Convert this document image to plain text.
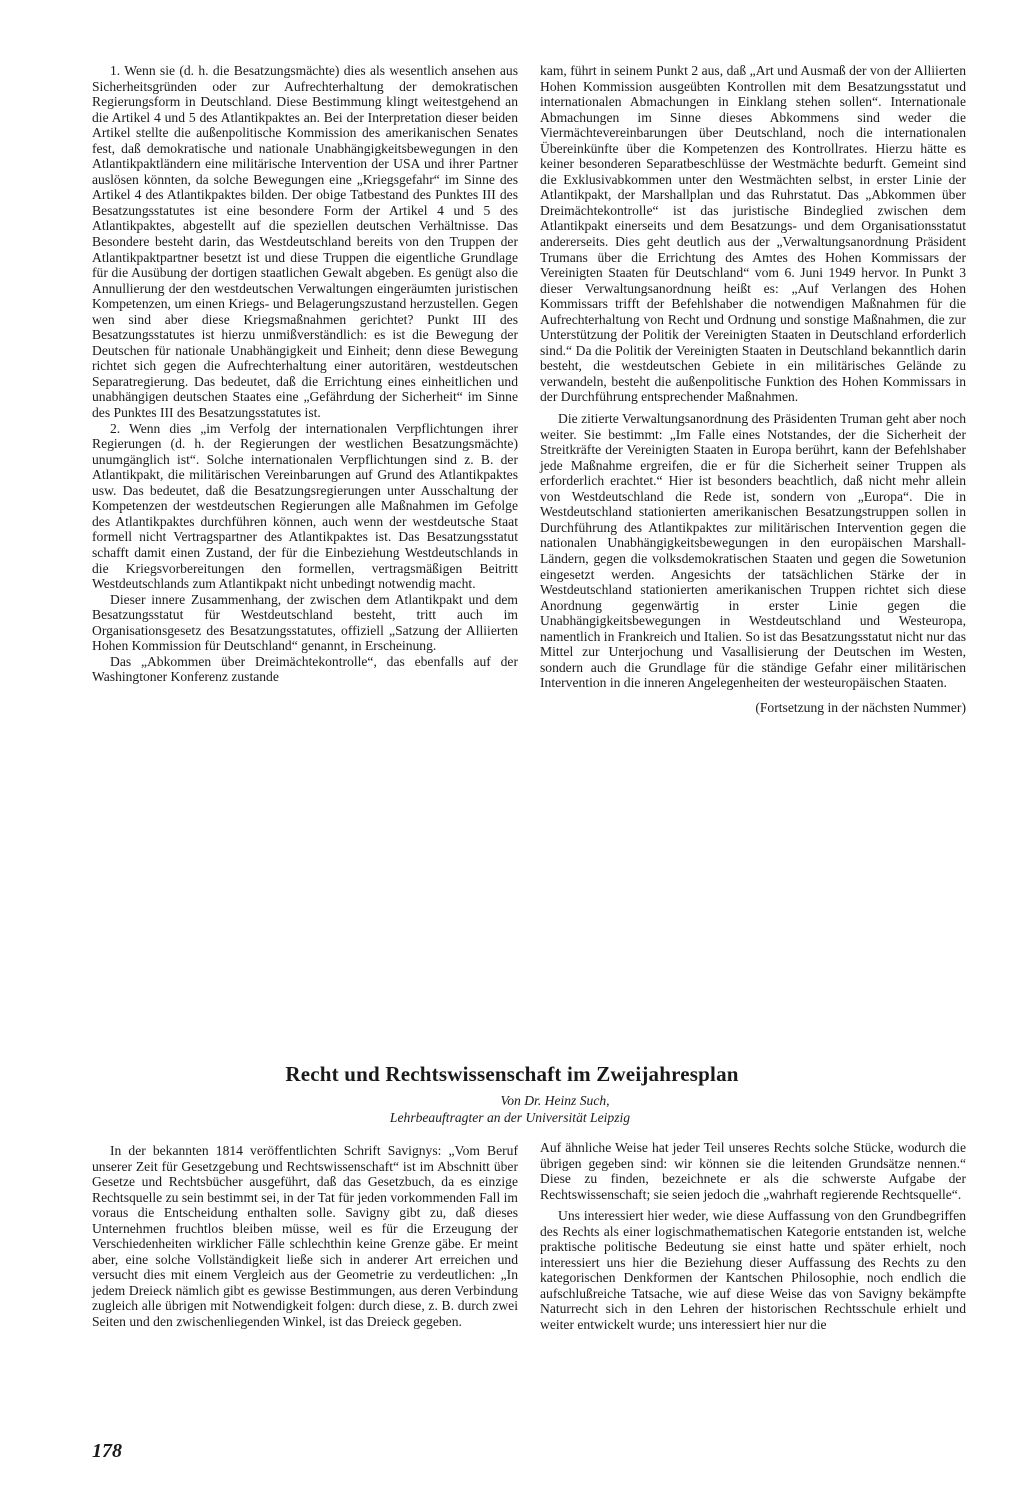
1. Wenn sie (d. h. die Besatzungsmächte) dies als wesentlich ansehen aus Sicherheitsgründen oder zur Aufrechterhaltung der demokratischen Regierungsform in Deutschland. Diese Bestimmung klingt weitestgehend an die Artikel 4 und 5 des Atlantikpaktes an. Bei der Interpretation dieser beiden Artikel stellte die außenpolitische Kommission des amerikanischen Senates fest, daß demokratische und nationale Unabhängigkeitsbewegungen in den Atlantikpaktländern eine militärische Intervention der USA und ihrer Partner auslösen könnten, da solche Bewegungen eine „Kriegsgefahr“ im Sinne des Artikel 4 des Atlantikpaktes bilden. Der obige Tatbestand des Punktes III des Besatzungsstatutes ist eine besondere Form der Artikel 4 und 5 des Atlantikpaktes, abgestellt auf die speziellen deutschen Verhältnisse. Das Besondere besteht darin, das Westdeutschland bereits von den Truppen der Atlantikpaktpartner besetzt ist und diese Truppen die eigentliche Grundlage für die Ausübung der dortigen staatlichen Gewalt abgeben. Es genügt also die Annullierung der den westdeutschen Verwaltungen eingeräumten juristischen Kompetenzen, um einen Kriegs- und Belagerungszustand herzustellen. Gegen wen sind aber diese Kriegsmaßnahmen gerichtet? Punkt III des Besatzungsstatutes ist hierzu unmißverständlich: es ist die Bewegung der Deutschen für nationale Unabhängigkeit und Einheit; denn diese Bewegung richtet sich gegen die Aufrechterhaltung einer autoritären, westdeutschen Separatregierung. Das bedeutet, daß die Errichtung eines einheitlichen und unabhängigen deutschen Staates eine „Gefährdung der Sicherheit“ im Sinne des Punktes III des Besatzungsstatutes ist.

2. Wenn dies „im Verfolg der internationalen Verpflichtungen ihrer Regierungen (d. h. der Regierungen der westlichen Besatzungsmächte) unumgänglich ist“. Solche internationalen Verpflichtungen sind z. B. der Atlantikpakt, die militärischen Vereinbarungen auf Grund des Atlantikpaktes usw. Das bedeutet, daß die Besatzungsregierungen unter Ausschaltung der Kompetenzen der westdeutschen Regierungen alle Maßnahmen im Gefolge des Atlantikpaktes durchführen können, auch wenn der westdeutsche Staat formell nicht Vertragspartner des Atlantikpaktes ist. Das Besatzungsstatut schafft damit einen Zustand, der für die Einbeziehung Westdeutschlands in die Kriegsvorbereitungen den formellen, vertragsmäßigen Beitritt Westdeutschlands zum Atlantikpakt nicht unbedingt notwendig macht.

Dieser innere Zusammenhang, der zwischen dem Atlantikpakt und dem Besatzungsstatut für Westdeutschland besteht, tritt auch im Organisationsgesetz des Besatzungsstatutes, offiziell „Satzung der Alliierten Hohen Kommission für Deutschland“ genannt, in Erscheinung.

Das „Abkommen über Dreimächtekontrolle“, das ebenfalls auf der Washingtoner Konferenz zustande

kam, führt in seinem Punkt 2 aus, daß „Art und Ausmaß der von der Alliierten Hohen Kommission ausgeübten Kontrollen mit dem Besatzungsstatut und internationalen Abmachungen in Einklang stehen sollen“. Internationale Abmachungen im Sinne dieses Abkommens sind weder die Viermächtevereinbarungen über Deutschland, noch die internationalen Übereinkünfte über die Kompetenzen des Kontrollrates. Hierzu hätte es keiner besonderen Separatbeschlüsse der Westmächte bedurft. Gemeint sind die Exklusivabkommen unter den Westmächten selbst, in erster Linie der Atlantikpakt, der Marshallplan und das Ruhrstatut. Das „Abkommen über Dreimächtekontrolle“ ist das juristische Bindeglied zwischen dem Atlantikpakt einerseits und dem Besatzungs- und dem Organisationsstatut andererseits. Dies geht deutlich aus der „Verwaltungsanordnung Präsident Trumans über die Errichtung des Amtes des Hohen Kommissars der Vereinigten Staaten für Deutschland“ vom 6. Juni 1949 hervor. In Punkt 3 dieser Verwaltungsanordnung heißt es: „Auf Verlangen des Hohen Kommissars trifft der Befehlshaber die notwendigen Maßnahmen für die Aufrechterhaltung von Recht und Ordnung und sonstige Maßnahmen, die zur Unterstützung der Politik der Vereinigten Staaten in Deutschland erforderlich sind.“ Da die Politik der Vereinigten Staaten in Deutschland bekanntlich darin besteht, die westdeutschen Gebiete in ein militärisches Gelände zu verwandeln, besteht die außenpolitische Funktion des Hohen Kommissars in der Durchführung entsprechender Maßnahmen.

Die zitierte Verwaltungsanordnung des Präsidenten Truman geht aber noch weiter. Sie bestimmt: „Im Falle eines Notstandes, der die Sicherheit der Streitkräfte der Vereinigten Staaten in Europa berührt, kann der Befehlshaber jede Maßnahme ergreifen, die er für die Sicherheit seiner Truppen als erforderlich erachtet.“ Hier ist besonders beachtlich, daß nicht mehr allein von Westdeutschland die Rede ist, sondern von „Europa“. Die in Westdeutschland stationierten amerikanischen Besatzungstruppen sollen in Durchführung des Atlantikpaktes zur militärischen Intervention gegen die nationalen Unabhängigkeitsbewegungen in den europäischen Marshall-Ländern, gegen die volksdemokratischen Staaten und gegen die Sowetunion eingesetzt werden. Angesichts der tatsächlichen Stärke der in Westdeutschland stationierten amerikanischen Truppen richtet sich diese Anordnung gegenwärtig in erster Linie gegen die Unabhängigkeitsbewegungen in Westdeutschland und Westeuropa, namentlich in Frankreich und Italien. So ist das Besatzungsstatut nicht nur das Mittel zur Unterjochung und Vasallisierung der Deutschen im Westen, sondern auch die Grundlage für die ständige Gefahr einer militärischen Intervention in die inneren Angelegenheiten der westeuropäischen Staaten.

(Fortsetzung in der nächsten Nummer)
Recht und Rechtswissenschaft im Zweijahresplan
Von Dr. Heinz Such,
Lehrbeauftragter an der Universität Leipzig

In der bekannten 1814 veröffentlichten Schrift Savignys: „Vom Beruf unserer Zeit für Gesetzgebung und Rechtswissenschaft“ ist im Abschnitt über Gesetze und Rechtsbücher ausgeführt, daß das Gesetzbuch, da es einzige Rechtsquelle zu sein bestimmt sei, in der Tat für jeden vorkommenden Fall im voraus die Entscheidung enthalten solle. Savigny gibt zu, daß dieses Unternehmen fruchtlos bleiben müsse, weil es für die Erzeugung der Verschiedenheiten wirklicher Fälle schlechthin keine Grenze gäbe. Er meint aber, eine solche Vollständigkeit ließe sich in anderer Art erreichen und versucht dies mit einem Vergleich aus der Geometrie zu verdeutlichen: „In jedem Dreieck nämlich gibt es gewisse Bestimmungen, aus deren Verbindung zugleich alle übrigen mit Notwendigkeit folgen: durch diese, z. B. durch zwei Seiten und den zwischenliegenden Winkel, ist das Dreieck gegeben.

Auf ähnliche Weise hat jeder Teil unseres Rechts solche Stücke, wodurch die übrigen gegeben sind: wir können sie die leitenden Grundsätze nennen.“ Diese zu finden, bezeichnete er als die schwerste Aufgabe der Rechtswissenschaft; sie seien jedoch die „wahrhaft regierende Rechtsquelle“.

Uns interessiert hier weder, wie diese Auffassung von den Grundbegriffen des Rechts als einer logischmathematischen Kategorie entstanden ist, welche praktische politische Bedeutung sie einst hatte und später erhielt, noch interessiert uns hier die Beziehung dieser Auffassung des Rechts zu den kategorischen Denkformen der Kantschen Philosophie, noch endlich die aufschlußreiche Tatsache, wie auf diese Weise das von Savigny bekämpfte Naturrecht sich in den Lehren der historischen Rechtsschule erhielt und weiter entwickelt wurde; uns interessiert hier nur die

178
